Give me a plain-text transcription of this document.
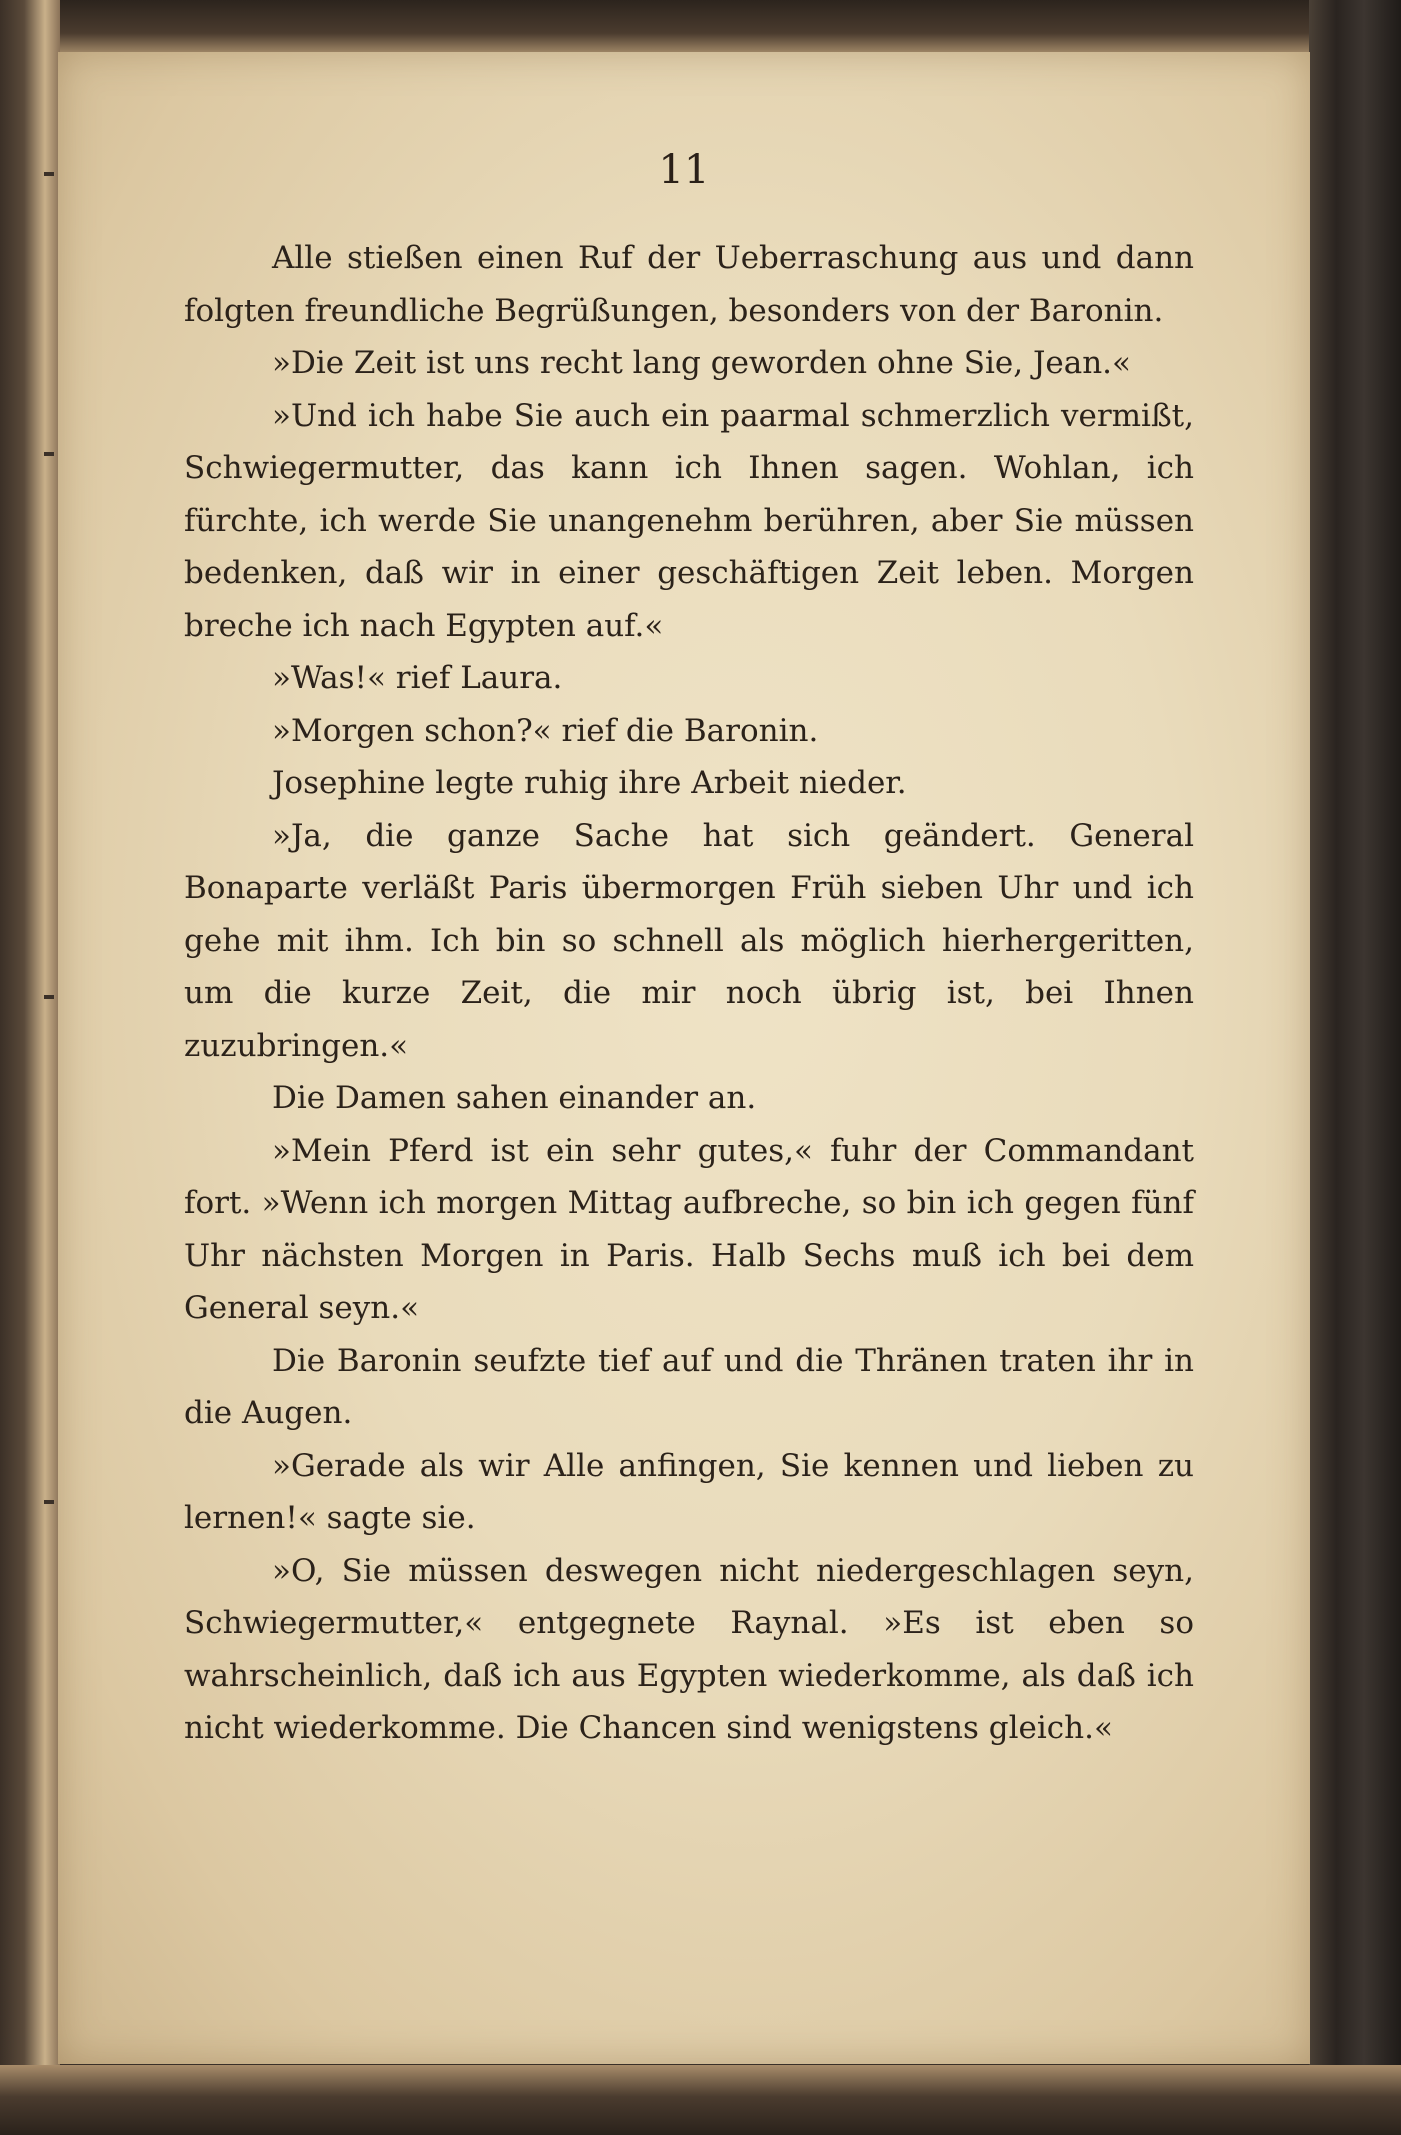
11

Alle stießen einen Ruf der Ueberraschung aus und dann folgten freundliche Begrüßungen, besonders von der Baronin.

»Die Zeit ist uns recht lang geworden ohne Sie, Jean.«

»Und ich habe Sie auch ein paarmal schmerzlich vermißt, Schwiegermutter, das kann ich Ihnen sagen. Wohlan, ich fürchte, ich werde Sie unangenehm berühren, aber Sie müssen bedenken, daß wir in einer geschäftigen Zeit leben. Morgen breche ich nach Egypten auf.«

»Was!« rief Laura.

»Morgen schon?« rief die Baronin.

Josephine legte ruhig ihre Arbeit nieder.

»Ja, die ganze Sache hat sich geändert. General Bonaparte verläßt Paris übermorgen Früh sieben Uhr und ich gehe mit ihm. Ich bin so schnell als möglich hierhergeritten, um die kurze Zeit, die mir noch übrig ist, bei Ihnen zuzubringen.«

Die Damen sahen einander an.

»Mein Pferd ist ein sehr gutes,« fuhr der Commandant fort. »Wenn ich morgen Mittag aufbreche, so bin ich gegen fünf Uhr nächsten Morgen in Paris. Halb Sechs muß ich bei dem General seyn.«

Die Baronin seufzte tief auf und die Thränen traten ihr in die Augen.

»Gerade als wir Alle anfingen, Sie kennen und lieben zu lernen!« sagte sie.

»O, Sie müssen deswegen nicht niedergeschlagen seyn, Schwiegermutter,« entgegnete Raynal. »Es ist eben so wahrscheinlich, daß ich aus Egypten wiederkomme, als daß ich nicht wiederkomme. Die Chancen sind wenigstens gleich.«
